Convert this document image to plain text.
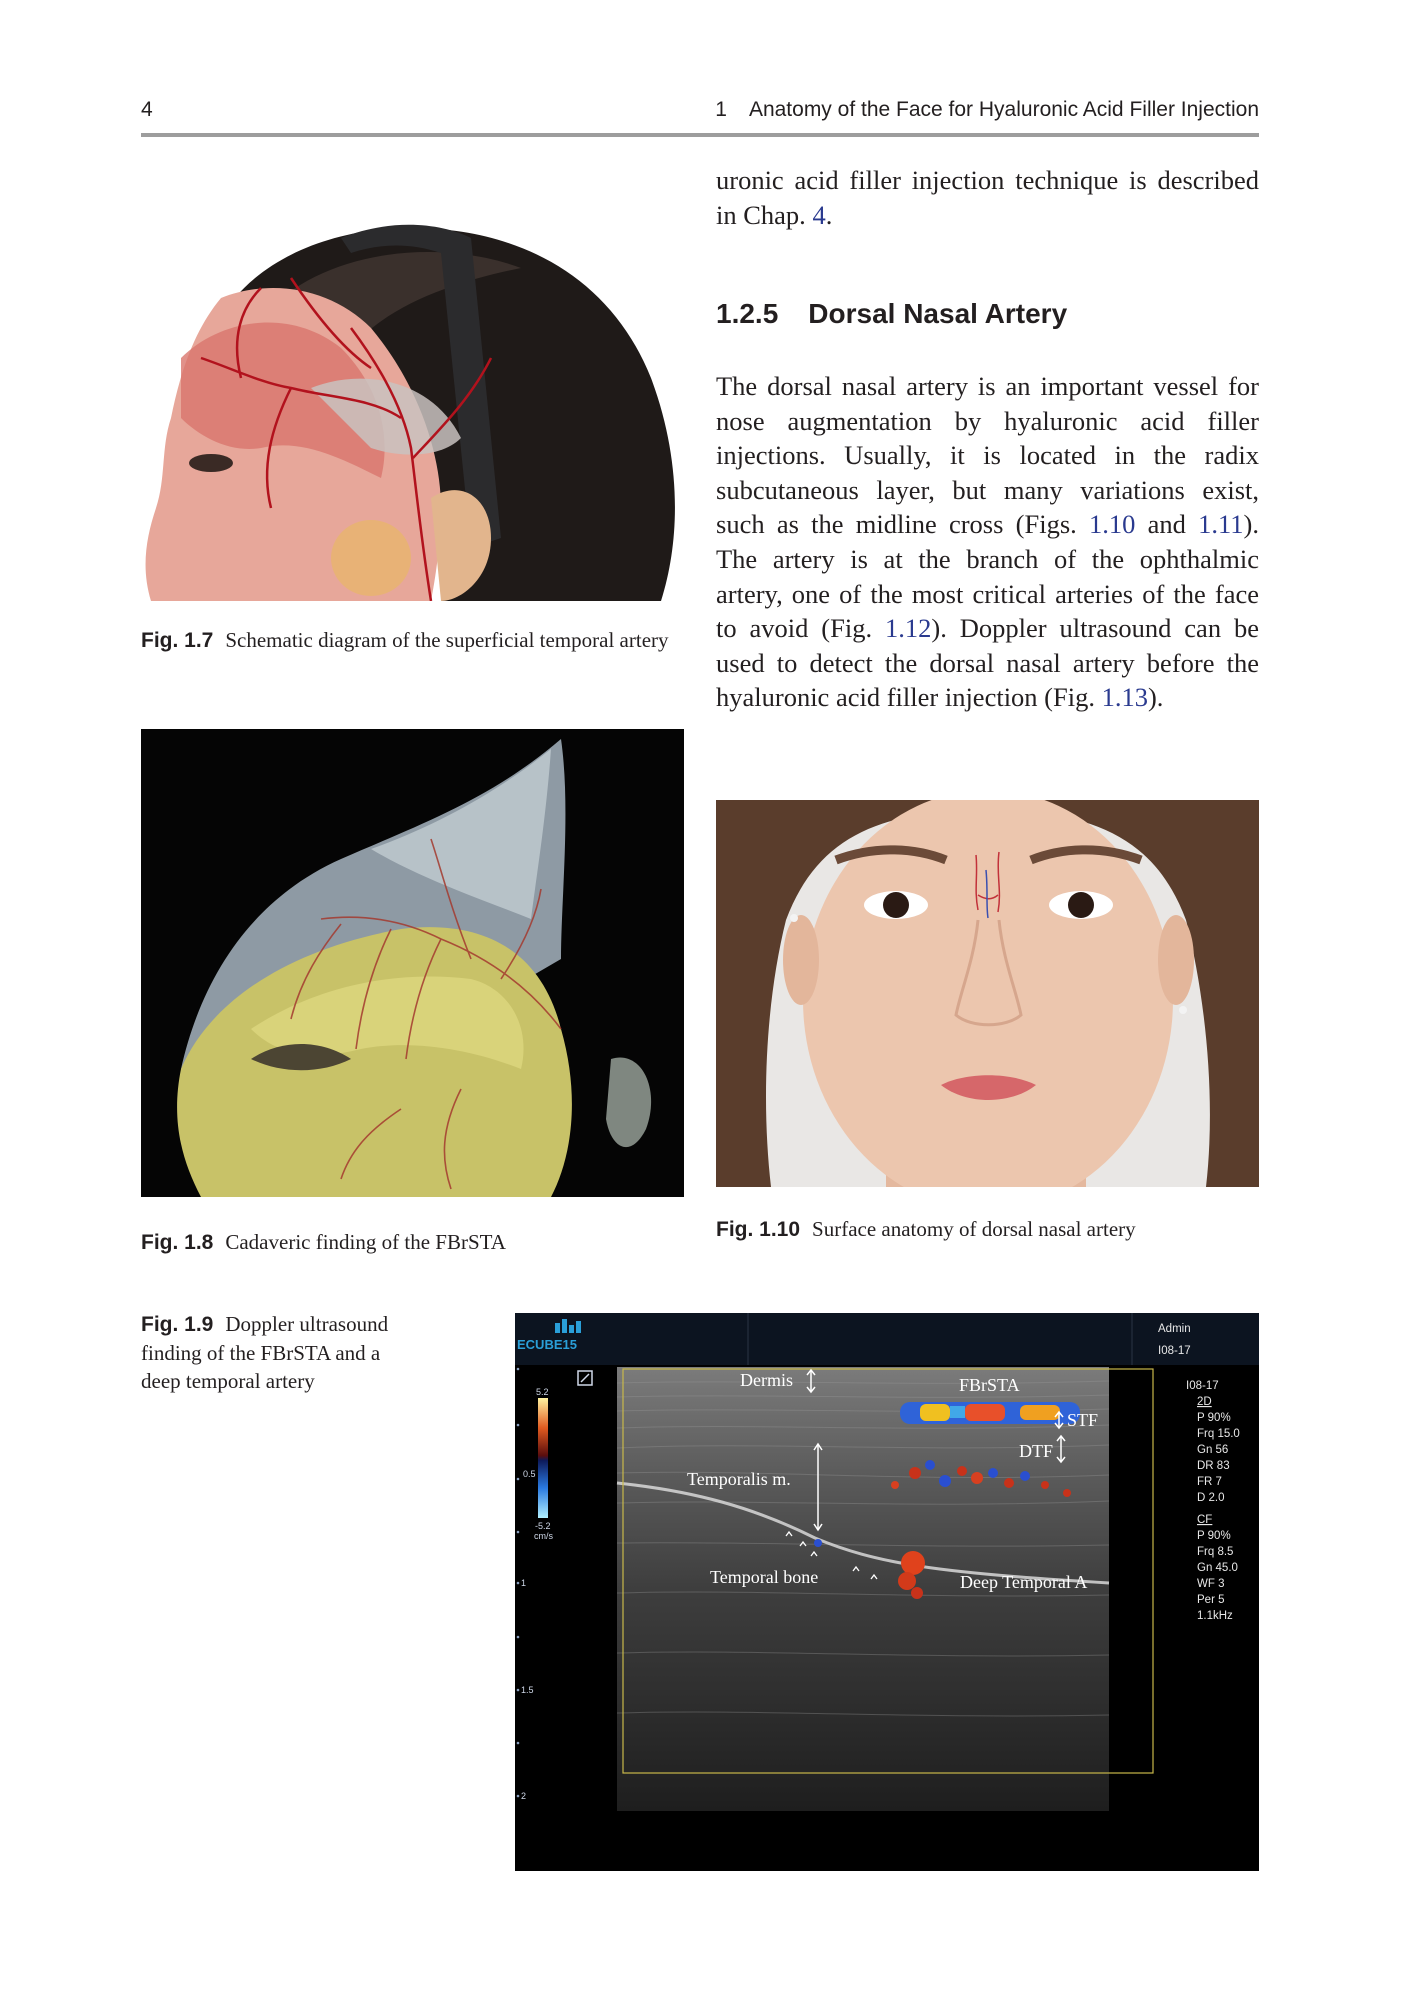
4	1 Anatomy of the Face for Hyaluronic Acid Filler Injection
uronic acid filler injection technique is described in Chap. 4.
1.2.5 Dorsal Nasal Artery
The dorsal nasal artery is an important vessel for nose augmentation by hyaluronic acid filler injections. Usually, it is located in the radix subcutaneous layer, but many variations exist, such as the midline cross (Figs. 1.10 and 1.11). The artery is at the branch of the ophthalmic artery, one of the most critical arteries of the face to avoid (Fig. 1.12). Doppler ultrasound can be used to detect the dorsal nasal artery before the hyaluronic acid filler injection (Fig. 1.13).
Fig. 1.7 Schematic diagram of the superficial temporal artery
Fig. 1.8 Cadaveric finding of the FBrSTA
Fig. 1.10 Surface anatomy of dorsal nasal artery
Fig. 1.9 Doppler ultrasound finding of the FBrSTA and a deep temporal artery
ECUBE15
Admin
I08-17
5.2
0.5
-5.2
cm/s
1
1.5
2
Dermis	FBrSTA
STF
DTF
Temporalis m.
Temporal bone	Deep Temporal A
I08-17
2D
P 90%
Frq 15.0
Gn 56
DR 83
FR 7
D 2.0
CF
P 90%
Frq 8.5
Gn 45.0
WF 3
Per 5
1.1kHz
